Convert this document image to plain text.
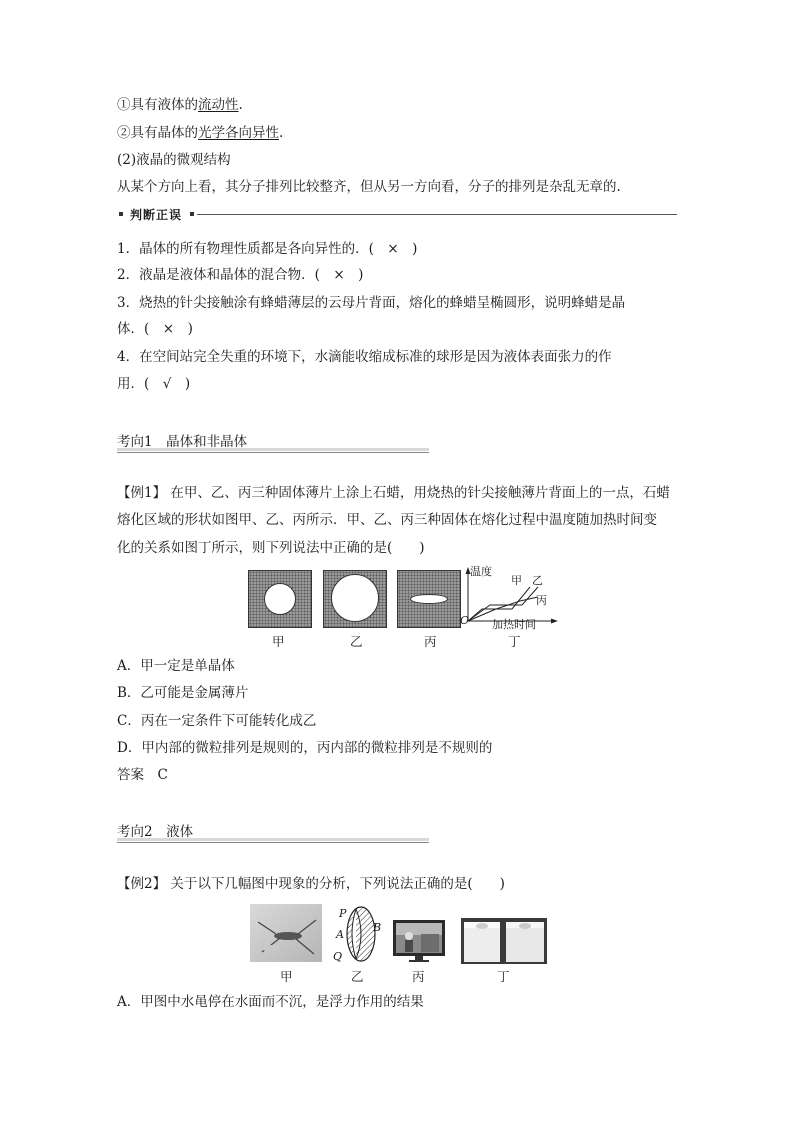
①具有液体的流动性.
②具有晶体的光学各向异性.
(2)液晶的微观结构
从某个方向上看，其分子排列比较整齐，但从另一方向看，分子的排列是杂乱无章的.
判断正误
1．晶体的所有物理性质都是各向异性的．(　×　)
2．液晶是液体和晶体的混合物．(　×　)
3．烧热的针尖接触涂有蜂蜡薄层的云母片背面，熔化的蜂蜡呈椭圆形，说明蜂蜡是晶
体．(　×　)
4．在空间站完全失重的环境下，水滴能收缩成标准的球形是因为液体表面张力的作
用．(　√　)
考向1　晶体和非晶体
【例1】 在甲、乙、丙三种固体薄片上涂上石蜡，用烧热的针尖接触薄片背面上的一点，石蜡
熔化区域的形状如图甲、乙、丙所示．甲、乙、丙三种固体在熔化过程中温度随加热时间变
化的关系如图丁所示，则下列说法中正确的是(　　)
温度
甲 乙
丙
O 加热时间
甲	乙	丙	丁
A．甲一定是单晶体
B．乙可能是金属薄片
C．丙在一定条件下可能转化成乙
D．甲内部的微粒排列是规则的，丙内部的微粒排列是不规则的
答案　C
考向2　液体
【例2】 关于以下几幅图中现象的分析，下列说法正确的是(　　)
P
A
B
Q
甲	乙	丙	丁
A．甲图中水黾停在水面而不沉，是浮力作用的结果
